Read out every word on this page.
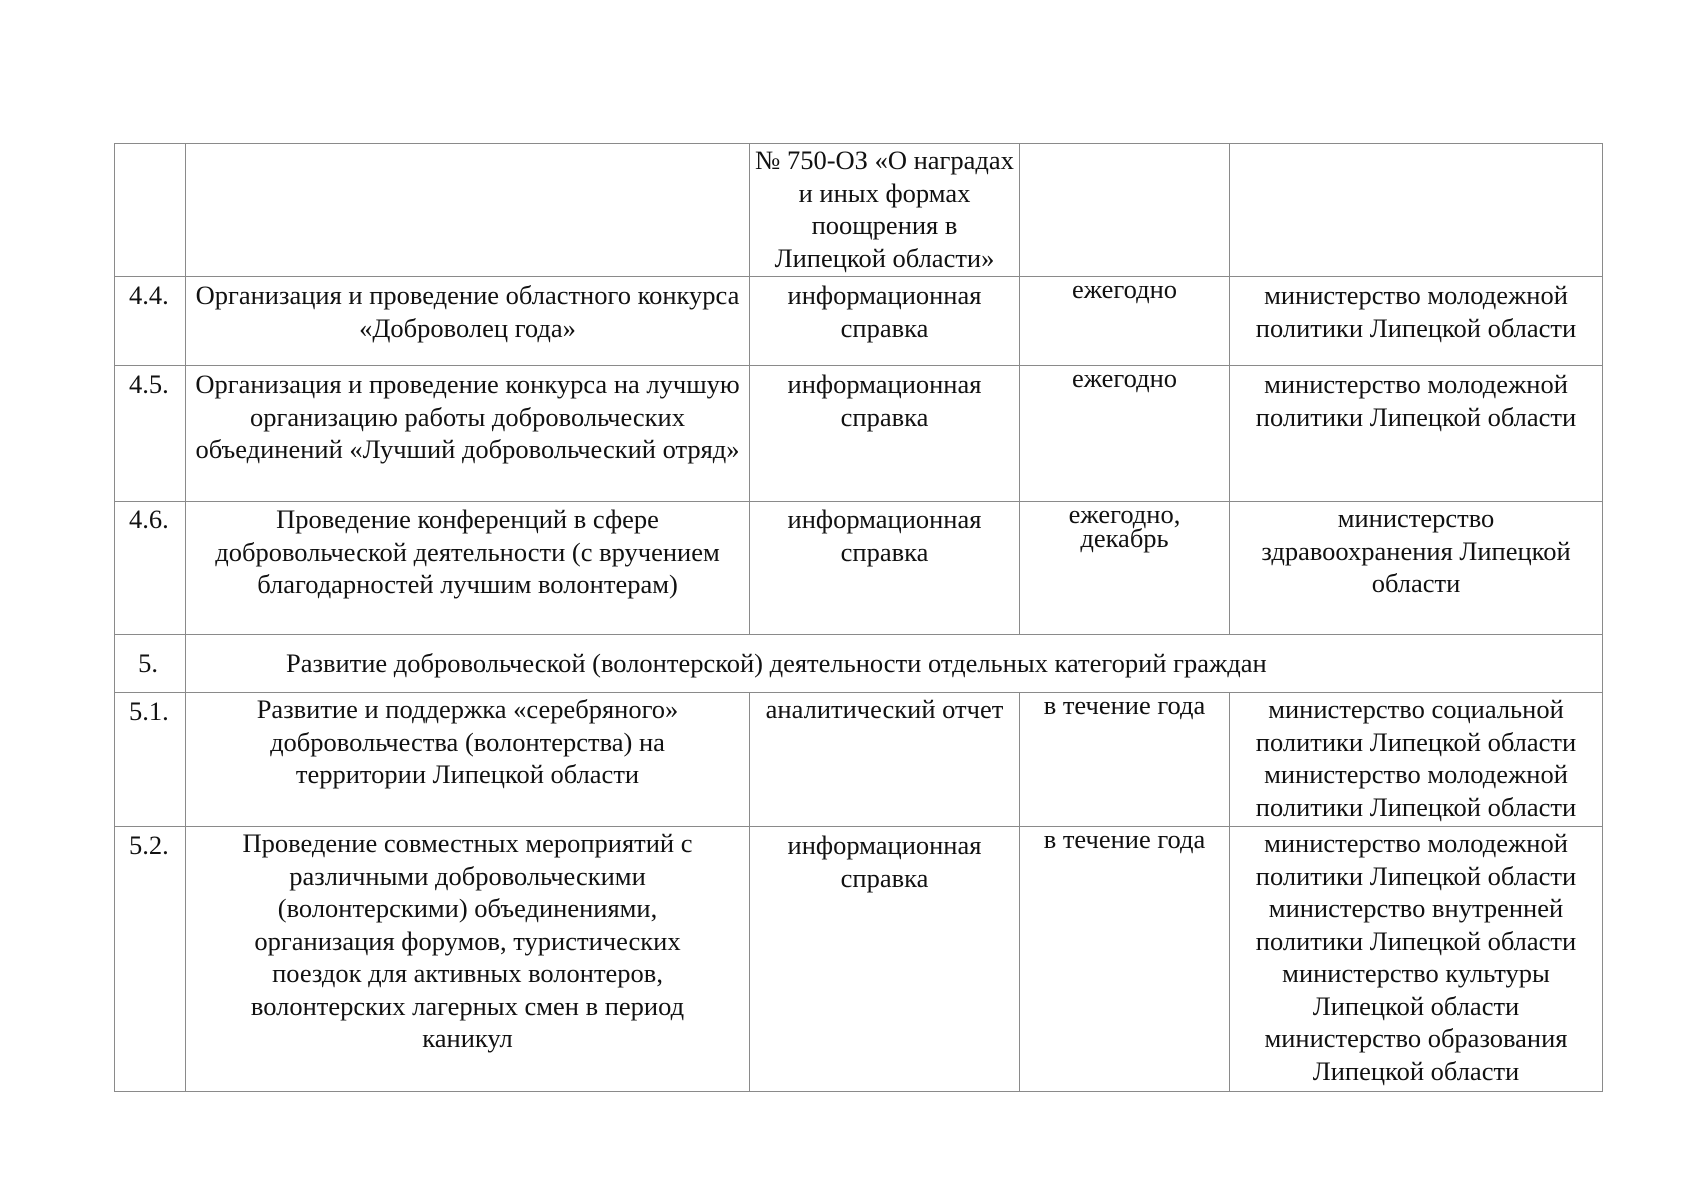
		№ 750-ОЗ «О наградах и иных формах поощрения в Липецкой области»	

4.4.	Организация и проведение областного конкурса «Доброволец года»	информационная справка	ежегодно	министерство молодежной политики Липецкой области
4.5.	Организация и проведение конкурса на лучшую организацию работы добровольческих объединений «Лучший добровольческий отряд»	информационная справка	ежегодно	министерство молодежной политики Липецкой области
4.6.	Проведение конференций в сфере добровольческой деятельности (с вручением благодарностей лучшим волонтерам)	информационная справка	ежегодно, декабрь	министерство здравоохранения Липецкой области
5.	Развитие добровольческой (волонтерской) деятельности отдельных категорий граждан			
5.1.	Развитие и поддержка «серебряного» добровольчества (волонтерства) на территории Липецкой области	аналитический отчет	в течение года	министерство социальной политики Липецкой области министерство молодежной политики Липецкой области
5.2.	Проведение совместных мероприятий с различными добровольческими (волонтерскими) объединениями, организация форумов, туристических поездок для активных волонтеров, волонтерских лагерных смен в период каникул	информационная справка	в течение года	министерство молодежной политики Липецкой области министерство внутренней политики Липецкой области министерство культуры Липецкой области министерство образования Липецкой области
